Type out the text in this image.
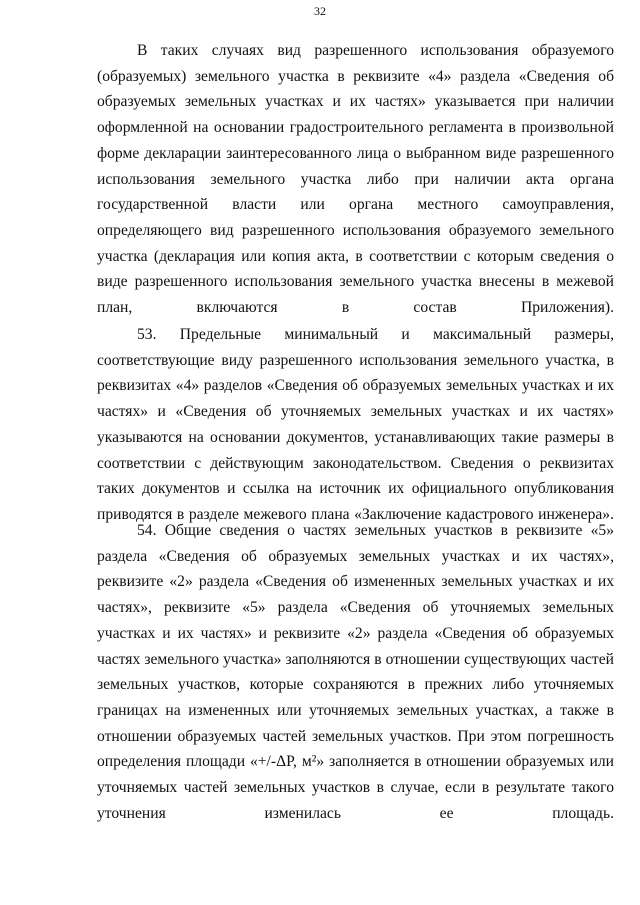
32

В таких случаях вид разрешенного использования образуемого (образуемых) земельного участка в реквизите «4» раздела «Сведения об образуемых земельных участках и их частях» указывается при наличии оформленной на основании градостроительного регламента в произвольной форме декларации заинтересованного лица о выбранном виде разрешенного использования земельного участка либо при наличии акта органа государственной власти или органа местного самоуправления, определяющего вид разрешенного использования образуемого земельного участка (декларация или копия акта, в соответствии с которым сведения о виде разрешенного использования земельного участка внесены в межевой план, включаются в состав Приложения).

53. Предельные минимальный и максимальный размеры, соответствующие виду разрешенного использования земельного участка, в реквизитах «4» разделов «Сведения об образуемых земельных участках и их частях» и «Сведения об уточняемых земельных участках и их частях» указываются на основании документов, устанавливающих такие размеры в соответствии с действующим законодательством. Сведения о реквизитах таких документов и ссылка на источник их официального опубликования приводятся в разделе межевого плана «Заключение кадастрового инженера».

54. Общие сведения о частях земельных участков в реквизите «5» раздела «Сведения об образуемых земельных участках и их частях», реквизите «2» раздела «Сведения об измененных земельных участках и их частях», реквизите «5» раздела «Сведения об уточняемых земельных участках и их частях» и реквизите «2» раздела «Сведения об образуемых частях земельного участка» заполняются в отношении существующих частей земельных участков, которые сохраняются в прежних либо уточняемых границах на измененных или уточняемых земельных участках, а также в отношении образуемых частей земельных участков. При этом погрешность определения площади «+/-ΔP, м²» заполняется в отношении образуемых или уточняемых частей земельных участков в случае, если в результате такого уточнения изменилась ее площадь.
